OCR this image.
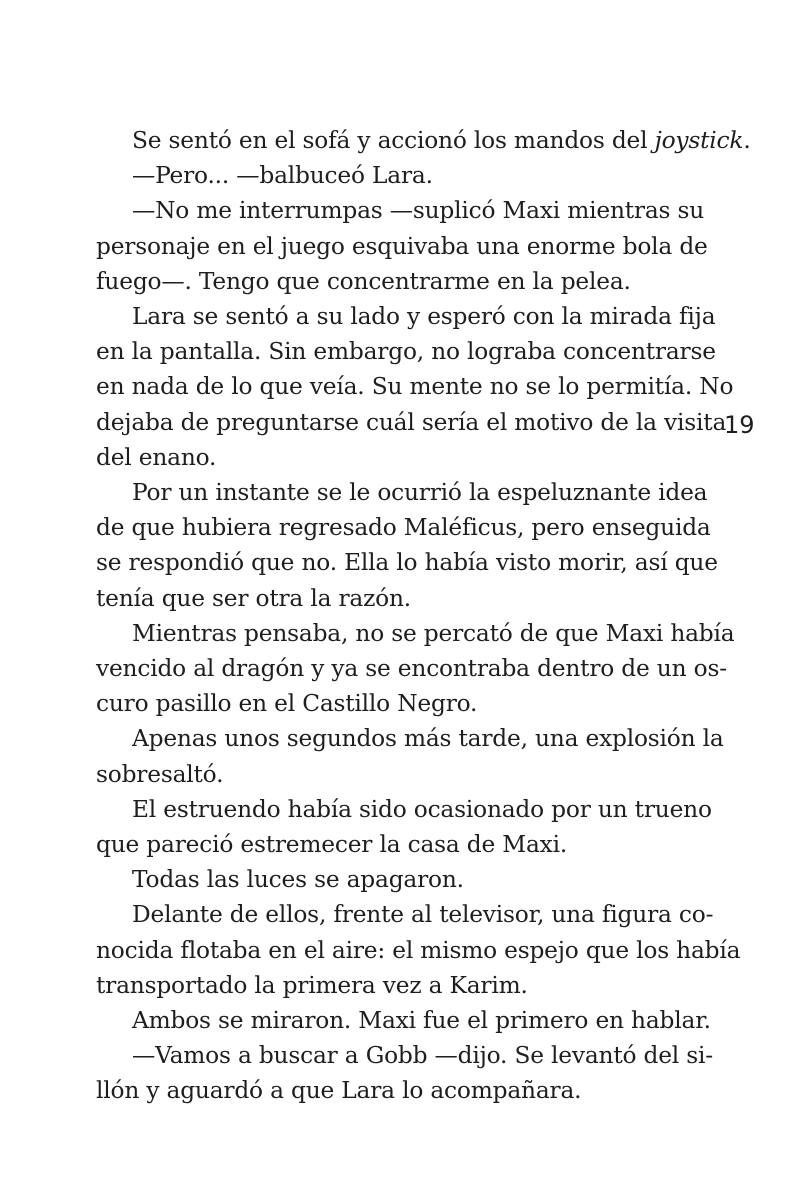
Se sentó en el sofá y accionó los mandos del joystick.
—Pero... —balbuceó Lara.
—No me interrumpas —suplicó Maxi mientras su
personaje en el juego esquivaba una enorme bola de
fuego—. Tengo que concentrarme en la pelea.
Lara se sentó a su lado y esperó con la mirada fija
en la pantalla. Sin embargo, no lograba concentrarse
en nada de lo que veía. Su mente no se lo permitía. No
dejaba de preguntarse cuál sería el motivo de la visita
del enano.
Por un instante se le ocurrió la espeluznante idea
de que hubiera regresado Maléficus, pero enseguida
se respondió que no. Ella lo había visto morir, así que
tenía que ser otra la razón.
Mientras pensaba, no se percató de que Maxi había
vencido al dragón y ya se encontraba dentro de un os-
curo pasillo en el Castillo Negro.
Apenas unos segundos más tarde, una explosión la
sobresaltó.
El estruendo había sido ocasionado por un trueno
que pareció estremecer la casa de Maxi.
Todas las luces se apagaron.
Delante de ellos, frente al televisor, una figura co-
nocida flotaba en el aire: el mismo espejo que los había
transportado la primera vez a Karim.
Ambos se miraron. Maxi fue el primero en hablar.
—Vamos a buscar a Gobb —dijo. Se levantó del si-
llón y aguardó a que Lara lo acompañara.
19
